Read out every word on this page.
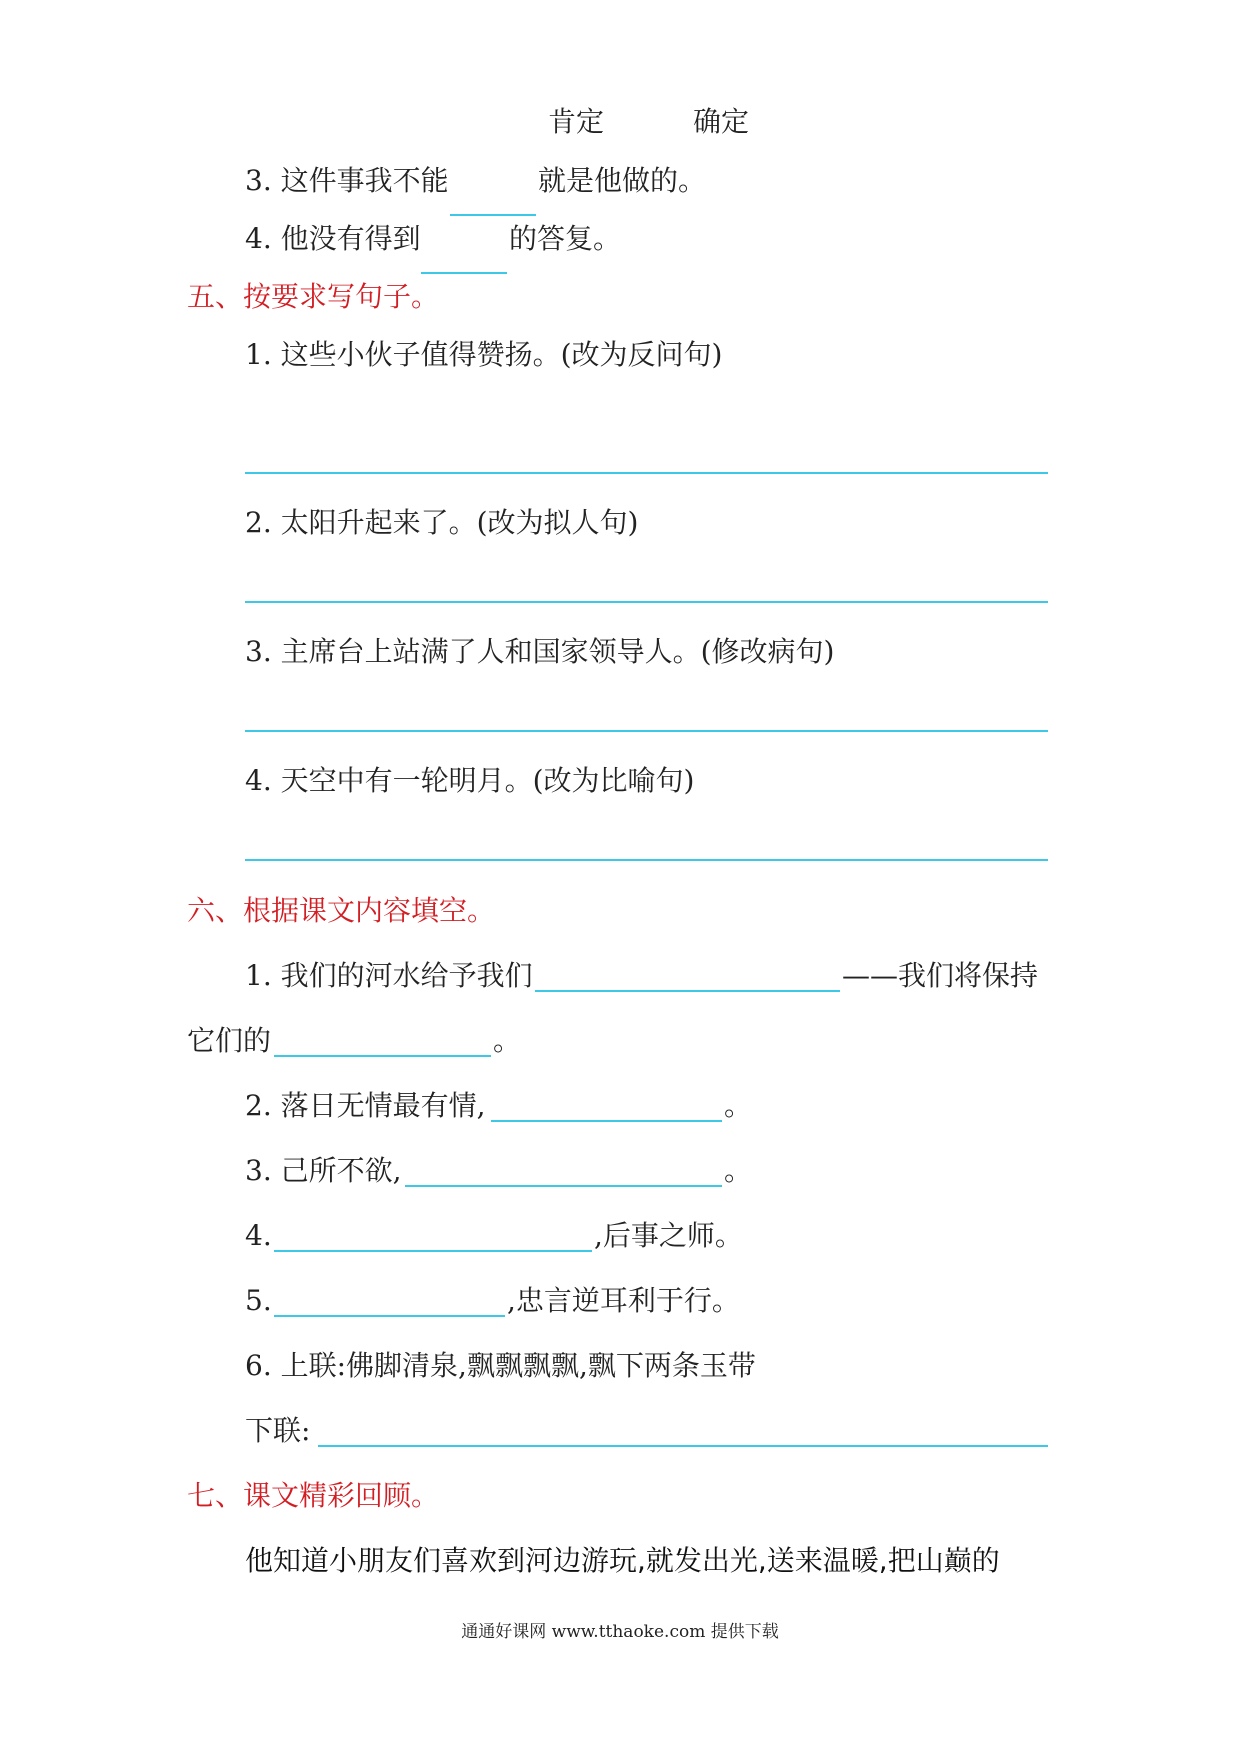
肯定	确定
3. 这件事我不能	就是他做的。
4. 他没有得到	的答复。
五、按要求写句子。
1. 这些小伙子值得赞扬。(改为反问句)
2. 太阳升起来了。(改为拟人句)
3. 主席台上站满了人和国家领导人。(修改病句)
4. 天空中有一轮明月。(改为比喻句)
六、根据课文内容填空。
1. 我们的河水给予我们	——我们将保持
它们的	。
2. 落日无情最有情,	。
3. 己所不欲,	。
4.	,后事之师。
5.	,忠言逆耳利于行。
6. 上联:佛脚清泉,飘飘飘飘,飘下两条玉带
下联:
七、课文精彩回顾。
他知道小朋友们喜欢到河边游玩,就发出光,送来温暖,把山巅的
通通好课网 www.tthaoke.com 提供下载
